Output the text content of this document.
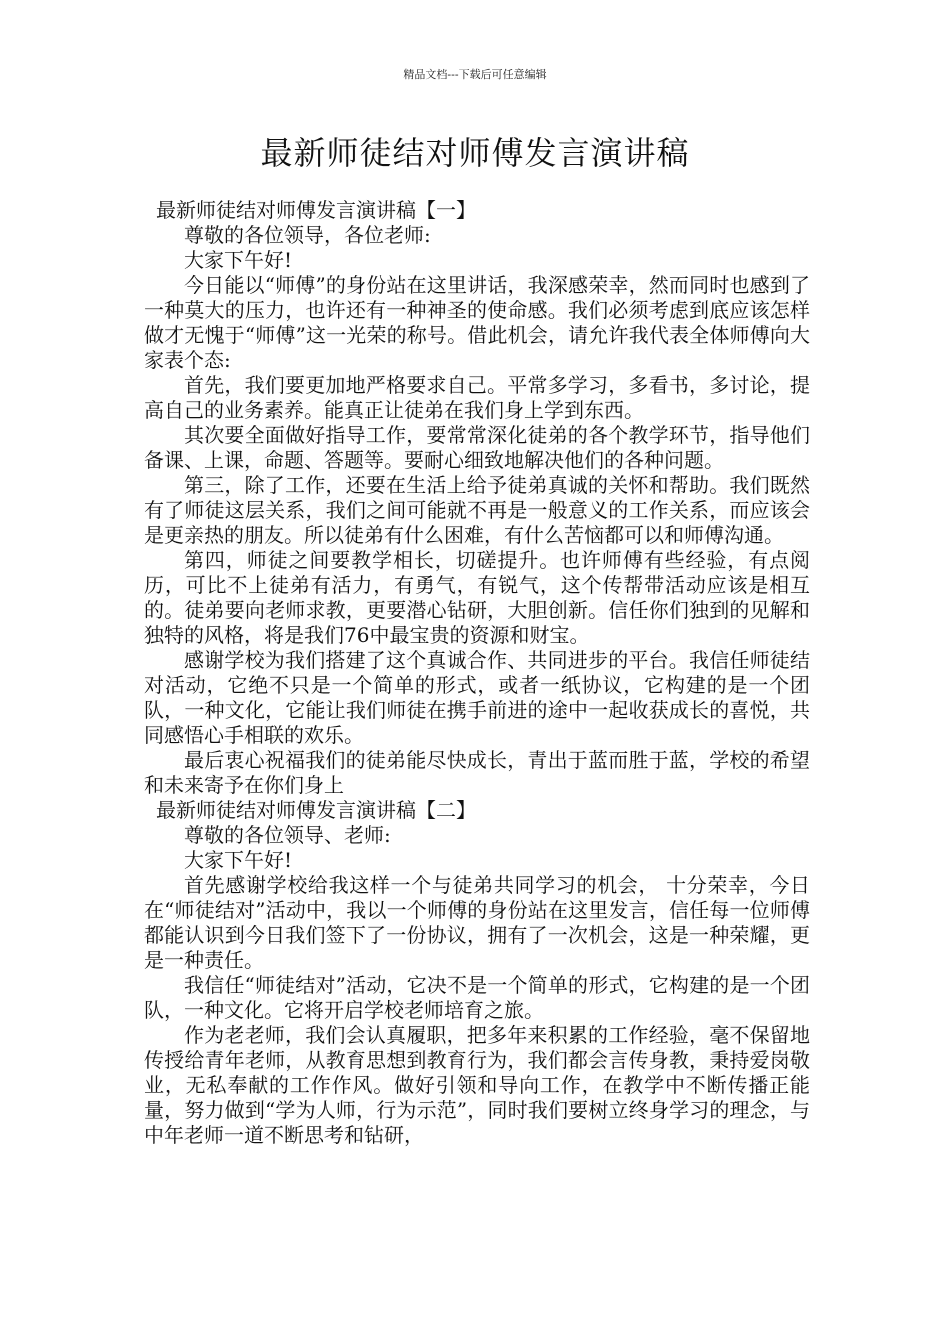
精品文档---下载后可任意编辑
最新师徒结对师傅发言演讲稿
最新师徒结对师傅发言演讲稿【一】

尊敬的各位领导，各位老师:

大家下午好!

今日能以“师傅”的身份站在这里讲话，我深感荣幸，然而同时也感到了一种莫大的压力，也许还有一种神圣的使命感。我们必须考虑到底应该怎样做才无愧于“师傅”这一光荣的称号。借此机会，请允许我代表全体师傅向大家表个态:

首先，我们要更加地严格要求自己。平常多学习，多看书，多讨论，提高自己的业务素养。能真正让徒弟在我们身上学到东西。

其次要全面做好指导工作，要常常深化徒弟的各个教学环节，指导他们备课、上课，命题、答题等。要耐心细致地解决他们的各种问题。

第三，除了工作，还要在生活上给予徒弟真诚的关怀和帮助。我们既然有了师徒这层关系，我们之间可能就不再是一般意义的工作关系，而应该会是更亲热的朋友。所以徒弟有什么困难，有什么苦恼都可以和师傅沟通。

第四，师徒之间要教学相长，切磋提升。也许师傅有些经验，有点阅历，可比不上徒弟有活力，有勇气，有锐气，这个传帮带活动应该是相互的。徒弟要向老师求教，更要潜心钻研，大胆创新。信任你们独到的见解和独特的风格，将是我们76中最宝贵的资源和财宝。

感谢学校为我们搭建了这个真诚合作、共同进步的平台。我信任师徒结对活动，它绝不只是一个简单的形式，或者一纸协议，它构建的是一个团队，一种文化，它能让我们师徒在携手前进的途中一起收获成长的喜悦，共同感悟心手相联的欢乐。

最后衷心祝福我们的徒弟能尽快成长，青出于蓝而胜于蓝，学校的希望和未来寄予在你们身上

最新师徒结对师傅发言演讲稿【二】

尊敬的各位领导、老师:

大家下午好!

首先感谢学校给我这样一个与徒弟共同学习的机会， 十分荣幸，今日在“师徒结对”活动中，我以一个师傅的身份站在这里发言，信任每一位师傅都能认识到今日我们签下了一份协议，拥有了一次机会，这是一种荣耀，更是一种责任。

我信任“师徒结对”活动，它决不是一个简单的形式，它构建的是一个团队，一种文化。它将开启学校老师培育之旅。

作为老老师，我们会认真履职，把多年来积累的工作经验，毫不保留地传授给青年老师，从教育思想到教育行为，我们都会言传身教，秉持爱岗敬业，无私奉献的工作作风。做好引领和导向工作，在教学中不断传播正能量，努力做到“学为人师，行为示范”，同时我们要树立终身学习的理念，与中年老师一道不断思考和钻研，
